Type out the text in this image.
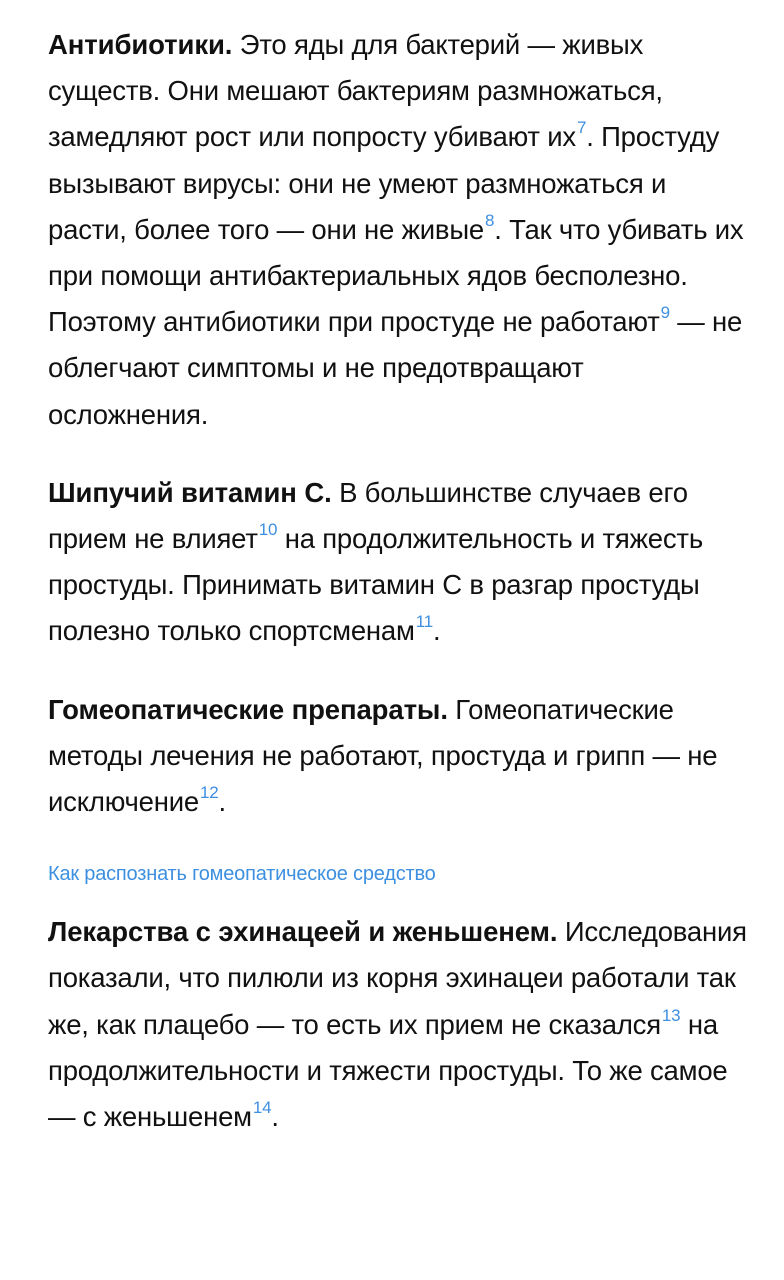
Антибиотики. Это яды для бактерий — живых существ. Они мешают бактериям размножаться, замедляют рост или попросту убивают их$^7$. Простуду вызывают вирусы: они не умеют размножаться и расти, более того — они не живые$^8$. Так что убивать их при помощи антибактериальных ядов бесполезно. Поэтому антибиотики при простуде не работают$^9$ — не облегчают симптомы и не предотвращают осложнения.

Шипучий витамин С. В большинстве случаев его прием не влияет$^{10}$ на продолжительность и тяжесть простуды. Принимать витамин С в разгар простуды полезно только спортсменам$^{11}$.

Гомеопатические препараты. Гомеопатические методы лечения не работают, простуда и грипп — не исключение$^{12}$.

Как распознать гомеопатическое средство

Лекарства с эхинацеей и женьшенем. Исследования показали, что пилюли из корня эхинацеи работали так же, как плацебо — то есть их прием не сказался$^{13}$ на продолжительности и тяжести простуды. То же самое — с женьшенем$^{14}$.
